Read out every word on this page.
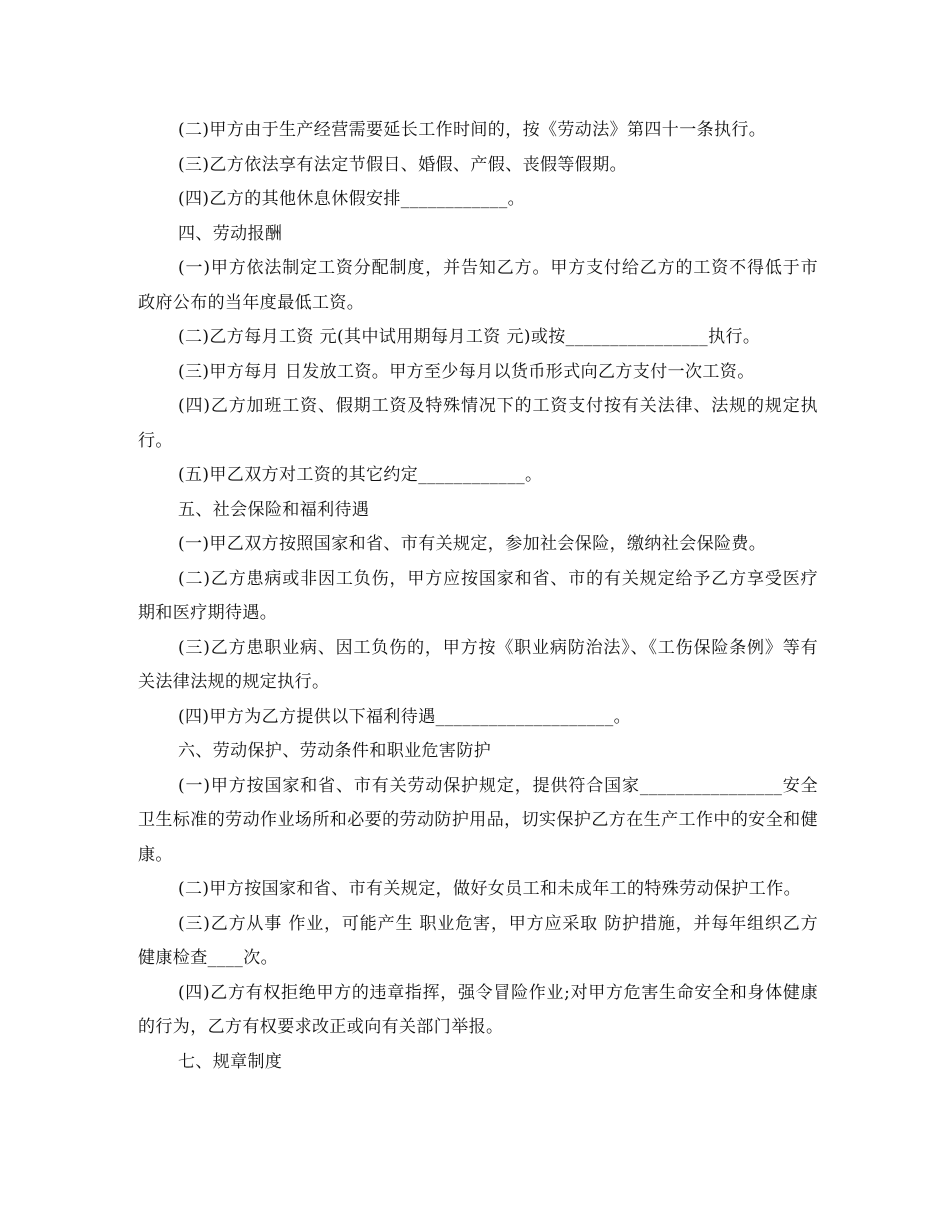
(二)甲方由于生产经营需要延长工作时间的，按《劳动法》第四十一条执行。

(三)乙方依法享有法定节假日、婚假、产假、丧假等假期。

(四)乙方的其他休息休假安排____________。

四、劳动报酬

(一)甲方依法制定工资分配制度，并告知乙方。甲方支付给乙方的工资不得低于市政府公布的当年度最低工资。

(二)乙方每月工资 元(其中试用期每月工资 元)或按________________执行。

(三)甲方每月 日发放工资。甲方至少每月以货币形式向乙方支付一次工资。

(四)乙方加班工资、假期工资及特殊情况下的工资支付按有关法律、法规的规定执行。

(五)甲乙双方对工资的其它约定____________。

五、社会保险和福利待遇

(一)甲乙双方按照国家和省、市有关规定，参加社会保险，缴纳社会保险费。

(二)乙方患病或非因工负伤，甲方应按国家和省、市的有关规定给予乙方享受医疗期和医疗期待遇。

(三)乙方患职业病、因工负伤的，甲方按《职业病防治法》、《工伤保险条例》等有关法律法规的规定执行。

(四)甲方为乙方提供以下福利待遇____________________。

六、劳动保护、劳动条件和职业危害防护

(一)甲方按国家和省、市有关劳动保护规定，提供符合国家________________安全卫生标准的劳动作业场所和必要的劳动防护用品，切实保护乙方在生产工作中的安全和健康。

(二)甲方按国家和省、市有关规定，做好女员工和未成年工的特殊劳动保护工作。

(三)乙方从事 作业，可能产生 职业危害，甲方应采取 防护措施，并每年组织乙方健康检查____次。

(四)乙方有权拒绝甲方的违章指挥，强令冒险作业;对甲方危害生命安全和身体健康的行为，乙方有权要求改正或向有关部门举报。

七、规章制度
